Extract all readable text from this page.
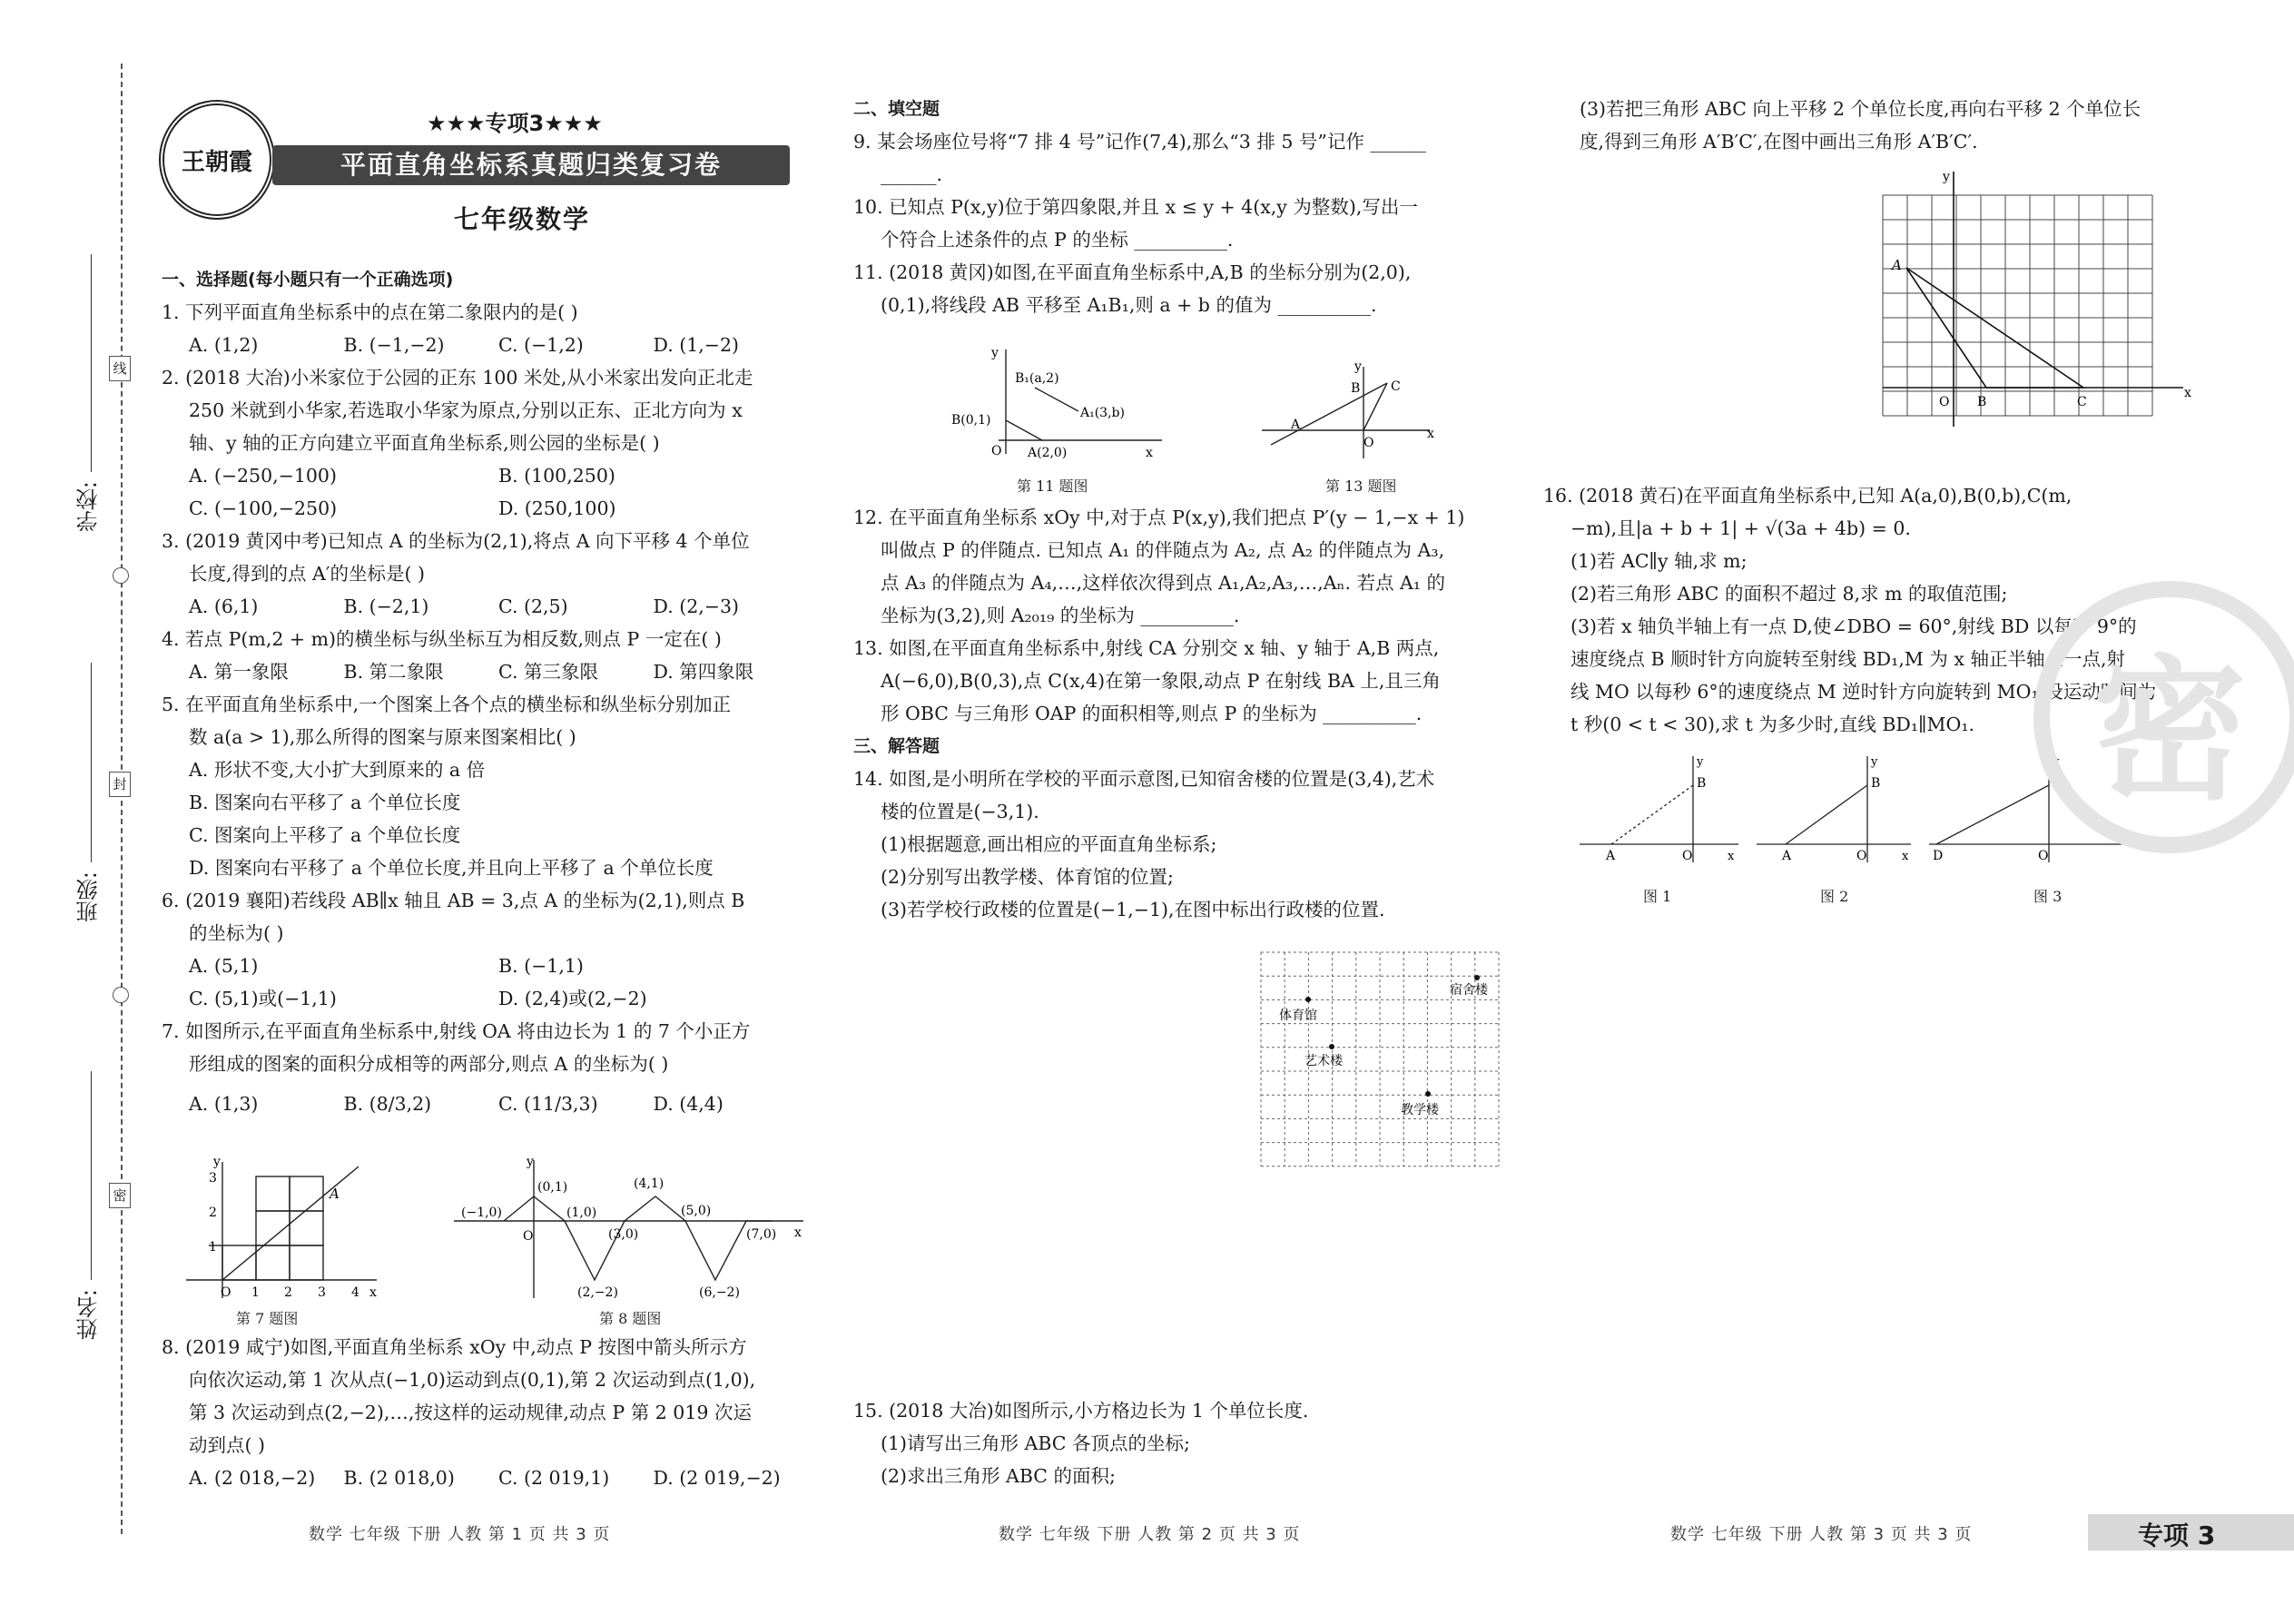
线
封
密
学校:
班级:
姓名:
王朝霞
★★★专项3★★★
平面直角坐标系真题归类复习卷
七年级数学

一、选择题(每小题只有一个正确选项)

1. 下列平面直角坐标系中的点在第二象限内的是( )

A. (1,2)	B. (−1,−2)	C. (−1,2)	D. (1,−2)

2. (2018 大冶)小米家位于公园的正东 100 米处,从小米家出发向正北走

250 米就到小华家,若选取小华家为原点,分别以正东、正北方向为 x

轴、y 轴的正方向建立平面直角坐标系,则公园的坐标是( )

A. (−250,−100)	B. (100,250)
C. (−100,−250)	D. (250,100)

3. (2019 黄冈中考)已知点 A 的坐标为(2,1),将点 A 向下平移 4 个单位

长度,得到的点 A′的坐标是( )

A. (6,1)	B. (−2,1)	C. (2,5)	D. (2,−3)

4. 若点 P(m,2 + m)的横坐标与纵坐标互为相反数,则点 P 一定在( )

A. 第一象限	B. 第二象限	C. 第三象限	D. 第四象限

5. 在平面直角坐标系中,一个图案上各个点的横坐标和纵坐标分别加正

数 a(a > 1),那么所得的图案与原来图案相比( )

A. 形状不变,大小扩大到原来的 a 倍

B. 图案向右平移了 a 个单位长度

C. 图案向上平移了 a 个单位长度

D. 图案向右平移了 a 个单位长度,并且向上平移了 a 个单位长度

6. (2019 襄阳)若线段 AB∥x 轴且 AB = 3,点 A 的坐标为(2,1),则点 B

的坐标为( )

A. (5,1)	B. (−1,1)
C. (5,1)或(−1,1)	D. (2,4)或(2,−2)

7. 如图所示,在平面直角坐标系中,射线 OA 将由边长为 1 的 7 个小正方

形组成的图案的面积分成相等的两部分,则点 A 的坐标为( )

A. (1,3)	B. (8/3,2)	C. (11/3,3)	D. (4,4)
y
3
2
1
O 1 2 3 4 x
A
第 7 题图
y
(0,1)	(4,1)
(−1,0)	(1,0)	(5,0)
(3,0)	(7,0)
(2,−2)	(6,−2)
O	x
第 8 题图

8. (2019 咸宁)如图,平面直角坐标系 xOy 中,动点 P 按图中箭头所示方

向依次运动,第 1 次从点(−1,0)运动到点(0,1),第 2 次运动到点(1,0),

第 3 次运动到点(2,−2),…,按这样的运动规律,动点 P 第 2 019 次运

动到点( )

A. (2 018,−2)	B. (2 018,0)	C. (2 019,1)	D. (2 019,−2)

二、填空题

9. 某会场座位号将“7 排 4 号”记作(7,4),那么“3 排 5 号”记作 ______

______.

10. 已知点 P(x,y)位于第四象限,并且 x ≤ y + 4(x,y 为整数),写出一

个符合上述条件的点 P 的坐标 __________.

11. (2018 黄冈)如图,在平面直角坐标系中,A,B 的坐标分别为(2,0),

(0,1),将线段 AB 平移至 A₁B₁,则 a + b 的值为 __________.

y
B₁(a,2)
A₁(3,b)
B(0,1)
O A(2,0)	x
第 11 题图
y
B C
A
O
x
第 13 题图

12. 在平面直角坐标系 xOy 中,对于点 P(x,y),我们把点 P′(y − 1,−x + 1)

叫做点 P 的伴随点. 已知点 A₁ 的伴随点为 A₂, 点 A₂ 的伴随点为 A₃,

点 A₃ 的伴随点为 A₄,…,这样依次得到点 A₁,A₂,A₃,…,Aₙ. 若点 A₁ 的

坐标为(3,2),则 A₂₀₁₉ 的坐标为 __________.

13. 如图,在平面直角坐标系中,射线 CA 分别交 x 轴、y 轴于 A,B 两点,

A(−6,0),B(0,3),点 C(x,4)在第一象限,动点 P 在射线 BA 上,且三角

形 OBC 与三角形 OAP 的面积相等,则点 P 的坐标为 __________.

三、解答题

14. 如图,是小明所在学校的平面示意图,已知宿舍楼的位置是(3,4),艺术

楼的位置是(−3,1).

(1)根据题意,画出相应的平面直角坐标系;

(2)分别写出教学楼、体育馆的位置;

(3)若学校行政楼的位置是(−1,−1),在图中标出行政楼的位置.

宿舍楼
体育馆
艺术楼
教学楼

15. (2018 大冶)如图所示,小方格边长为 1 个单位长度.

(1)请写出三角形 ABC 各顶点的坐标;

(2)求出三角形 ABC 的面积;

(3)若把三角形 ABC 向上平移 2 个单位长度,再向右平移 2 个单位长

度,得到三角形 A′B′C′,在图中画出三角形 A′B′C′.

y
A
O B	C
x

16. (2018 黄石)在平面直角坐标系中,已知 A(a,0),B(0,b),C(m,

−m),且|a + b + 1| + √(3a + 4b) = 0.

(1)若 AC∥y 轴,求 m;

(2)若三角形 ABC 的面积不超过 8,求 m 的取值范围;

(3)若 x 轴负半轴上有一点 D,使∠DBO = 60°,射线 BD 以每秒 9°的

速度绕点 B 顺时针方向旋转至射线 BD₁,M 为 x 轴正半轴上一点,射

线 MO 以每秒 6°的速度绕点 M 逆时针方向旋转到 MO₁,设运动时间为

t 秒(0 < t < 30),求 t 为多少时,直线 BD₁∥MO₁.

y
B
A	O	x
y
B
A	O	x
y
B
D	O
图 1	图 2	图 3
密
数学 七年级 下册 人教 第 1 页 共 3 页	数学 七年级 下册 人教 第 2 页 共 3 页	数学 七年级 下册 人教 第 3 页 共 3 页	专项 3
